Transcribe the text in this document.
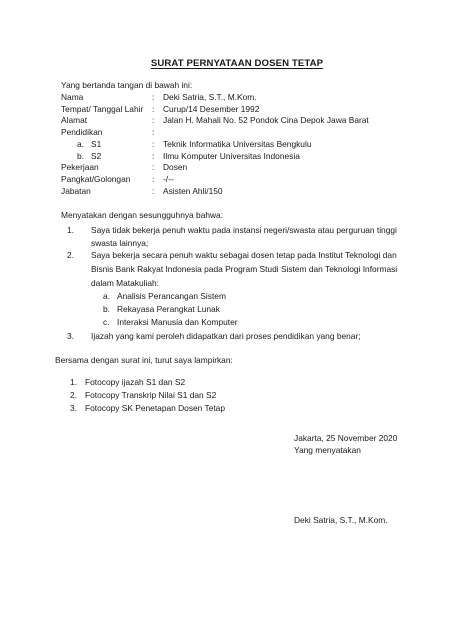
SURAT PERNYATAAN DOSEN TETAP
Yang bertanda tangan di bawah ini:
Nama	: Deki Satria, S.T., M.Kom.
Tempat/ Tanggal Lahir : Curup/14 Desember 1992
Alamat	: Jalan H. Mahali No. 52 Pondok Cina Depok Jawa Barat
Pendidikan	:
a. S1	: Teknik Informatika Universitas Bengkulu
b. S2	: Ilmu Komputer Universitas Indonesia
Pekerjaan	: Dosen
Pangkat/Golongan	: -/--
Jabatan	: Asisten Ahli/150
Menyatakan dengan sesungguhnya bahwa:
1. Saya tidak bekerja penuh waktu pada instansi negeri/swasta atau perguruan tinggi
swasta lainnya;
2. Saya bekerja secara penuh waktu sebagai dosen tetap pada Institut Teknologi dan
Bisnis Bank Rakyat Indonesia pada Program Studi Sistem dan Teknologi Informasi
dalam Matakuliah:
a. Analisis Perancangan Sistem
b. Rekayasa Perangkat Lunak
c. Interaksi Manusia dan Komputer
3. Ijazah yang kami peroleh didapatkan dari proses pendidikan yang benar;
Bersama dengan surat ini, turut saya lampirkan:
1. Fotocopy ijazah S1 dan S2
2. Fotocopy Transkrip Nilai S1 dan S2
3. Fotocopy SK Penetapan Dosen Tetap
Jakarta, 25 November 2020
Yang menyatakan
Deki Satria, S.T., M.Kom.
